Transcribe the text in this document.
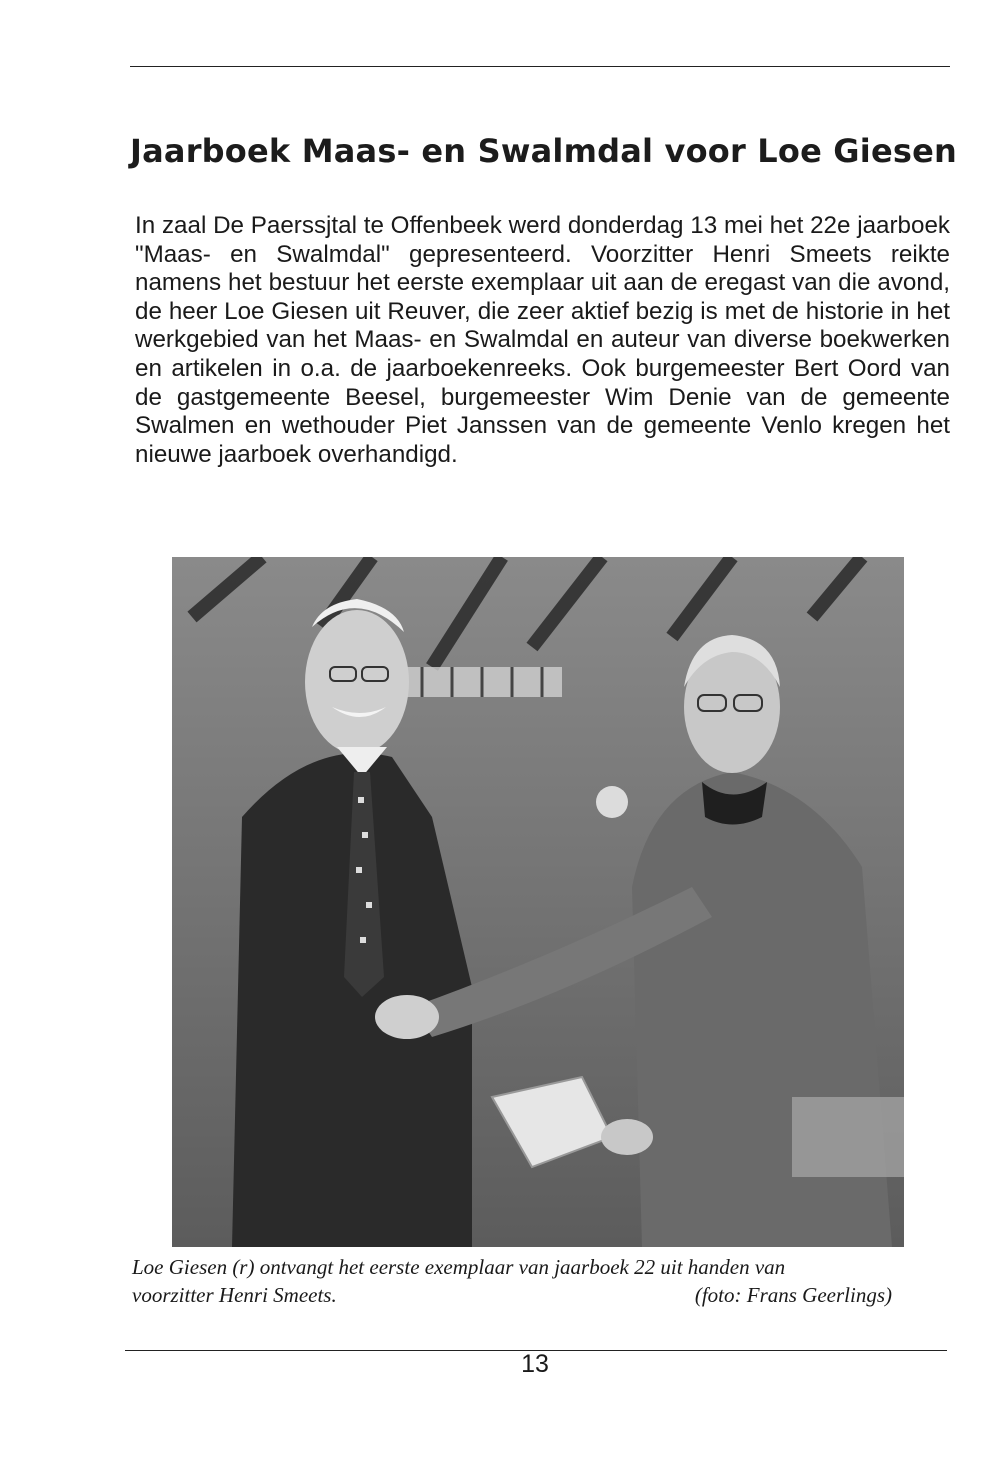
Jaarboek Maas- en Swalmdal voor Loe Giesen
In zaal De Paerssjtal te Offenbeek werd donderdag 13 mei het 22e jaarboek "Maas- en Swalmdal" gepresenteerd. Voorzitter Henri Smeets reikte namens het bestuur het eerste exemplaar uit aan de eregast van die avond, de heer Loe Giesen uit Reuver, die zeer aktief bezig is met de historie in het werkgebied van het Maas- en Swalmdal en auteur van diverse boekwerken en artikelen in o.a. de jaarboekenreeks. Ook burgemeester Bert Oord van de gastgemeente Beesel, burgemeester Wim Denie van de gemeente Swalmen en wethouder Piet Janssen van de gemeente Venlo kregen het nieuwe jaarboek overhandigd.
Loe Giesen (r) ontvangt het eerste exemplaar van jaarboek 22 uit handen van
voorzitter Henri Smeets.	(foto: Frans Geerlings)
13
